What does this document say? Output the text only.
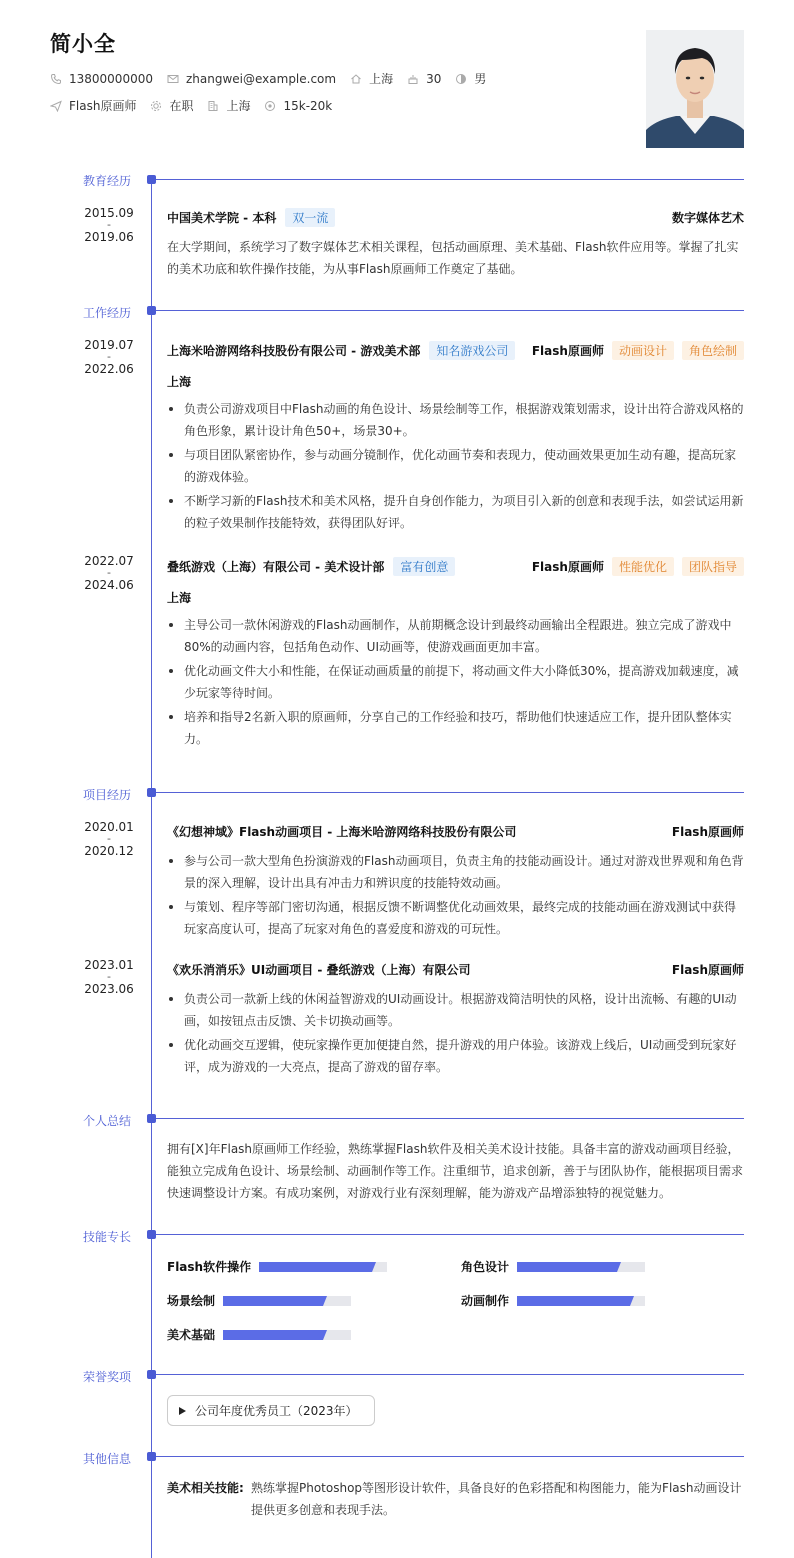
简小全
13800000000	zhangwei@example.com	上海	30	男
Flash原画师	在职	上海	15k-20k
教育经历
2015.09
-
2019.06
中国美术学院 - 本科	双一流	数字媒体艺术
在大学期间，系统学习了数字媒体艺术相关课程，包括动画原理、美术基础、Flash软件应用等。掌握了扎实的美术功底和软件操作技能，为从事Flash原画师工作奠定了基础。
工作经历
2019.07
-
2022.06
上海米哈游网络科技股份有限公司 - 游戏美术部	知名游戏公司	Flash原画师	动画设计	角色绘制
上海
负责公司游戏项目中Flash动画的角色设计、场景绘制等工作，根据游戏策划需求，设计出符合游戏风格的角色形象，累计设计角色50+，场景30+。
与项目团队紧密协作，参与动画分镜制作，优化动画节奏和表现力，使动画效果更加生动有趣，提高玩家的游戏体验。
不断学习新的Flash技术和美术风格，提升自身创作能力，为项目引入新的创意和表现手法，如尝试运用新的粒子效果制作技能特效，获得团队好评。
2022.07
-
2024.06
叠纸游戏（上海）有限公司 - 美术设计部	富有创意	Flash原画师	性能优化	团队指导
上海
主导公司一款休闲游戏的Flash动画制作，从前期概念设计到最终动画输出全程跟进。独立完成了游戏中80%的动画内容，包括角色动作、UI动画等，使游戏画面更加丰富。
优化动画文件大小和性能，在保证动画质量的前提下，将动画文件大小降低30%，提高游戏加载速度，减少玩家等待时间。
培养和指导2名新入职的原画师，分享自己的工作经验和技巧，帮助他们快速适应工作，提升团队整体实力。
项目经历
2020.01
-
2020.12
《幻想神域》Flash动画项目 - 上海米哈游网络科技股份有限公司	Flash原画师
参与公司一款大型角色扮演游戏的Flash动画项目，负责主角的技能动画设计。通过对游戏世界观和角色背景的深入理解，设计出具有冲击力和辨识度的技能特效动画。
与策划、程序等部门密切沟通，根据反馈不断调整优化动画效果，最终完成的技能动画在游戏测试中获得玩家高度认可，提高了玩家对角色的喜爱度和游戏的可玩性。
2023.01
-
2023.06
《欢乐消消乐》UI动画项目 - 叠纸游戏（上海）有限公司	Flash原画师
负责公司一款新上线的休闲益智游戏的UI动画设计。根据游戏简洁明快的风格，设计出流畅、有趣的UI动画，如按钮点击反馈、关卡切换动画等。
优化动画交互逻辑，使玩家操作更加便捷自然，提升游戏的用户体验。该游戏上线后，UI动画受到玩家好评，成为游戏的一大亮点，提高了游戏的留存率。
个人总结
拥有[X]年Flash原画师工作经验，熟练掌握Flash软件及相关美术设计技能。具备丰富的游戏动画项目经验，能独立完成角色设计、场景绘制、动画制作等工作。注重细节，追求创新，善于与团队协作，能根据项目需求快速调整设计方案。有成功案例，对游戏行业有深刻理解，能为游戏产品增添独特的视觉魅力。
技能专长
Flash软件操作	角色设计
场景绘制	动画制作
美术基础
荣誉奖项
公司年度优秀员工（2023年）
其他信息
美术相关技能: 熟练掌握Photoshop等图形设计软件，具备良好的色彩搭配和构图能力，能为Flash动画设计提供更多创意和表现手法。
